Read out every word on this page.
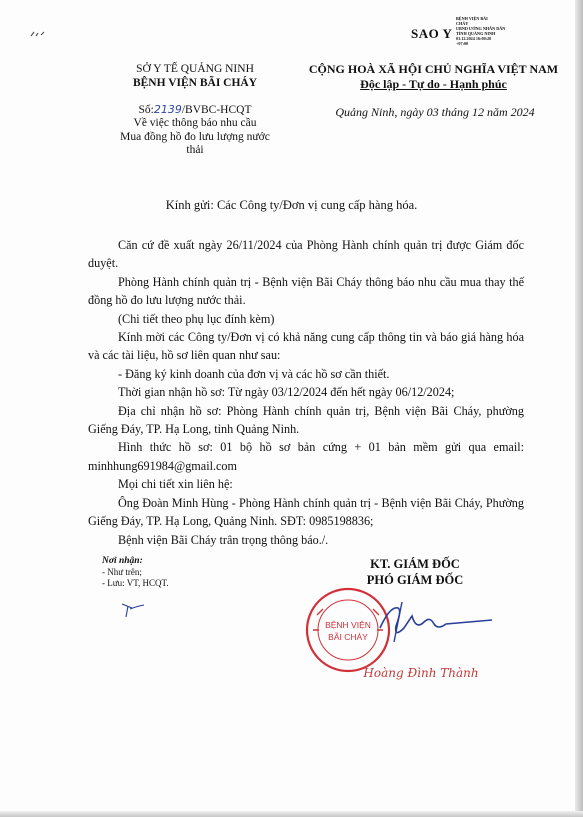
SAO Y
BỆNH VIỆN BÃI
CHÁY
UBND ƯỚNG NHÂN DÂN
TỈNH QUẢNG NINH
03.12.2024 16:00:20
+07:00
SỞ Y TẾ QUẢNG NINH
BỆNH VIỆN BÃI CHÁY
CỘNG HOÀ XÃ HỘI CHỦ NGHĨA VIỆT NAM
Độc lập - Tự do - Hạnh phúc
Số:2139/BVBC-HCQT
Về việc thông báo nhu cầu
Mua đồng hồ đo lưu lượng nước
thải
Quảng Ninh, ngày 03 tháng 12 năm 2024
Kính gửi: Các Công ty/Đơn vị cung cấp hàng hóa.

Căn cứ đề xuất ngày 26/11/2024 của Phòng Hành chính quản trị được Giám đốc duyệt.

Phòng Hành chính quản trị - Bệnh viện Bãi Cháy thông báo nhu cầu mua thay thế đồng hồ đo lưu lượng nước thải.

(Chi tiết theo phụ lục đính kèm)

Kính mời các Công ty/Đơn vị có khả năng cung cấp thông tin và báo giá hàng hóa và các tài liệu, hồ sơ liên quan như sau:

- Đăng ký kinh doanh của đơn vị và các hồ sơ cần thiết.

Thời gian nhận hồ sơ: Từ ngày 03/12/2024 đến hết ngày 06/12/2024;

Địa chỉ nhận hồ sơ: Phòng Hành chính quản trị, Bệnh viện Bãi Cháy, phường Giếng Đáy, TP. Hạ Long, tỉnh Quảng Ninh.

Hình thức hồ sơ: 01 bộ hồ sơ bản cứng + 01 bản mềm gửi qua email: minhhung691984@gmail.com

Mọi chi tiết xin liên hệ:

Ông Đoàn Minh Hùng - Phòng Hành chính quản trị - Bệnh viện Bãi Cháy, Phường Giếng Đáy, TP. Hạ Long, Quảng Ninh. SĐT: 0985198836;

Bệnh viện Bãi Cháy trân trọng thông báo./.

Nơi nhận:
- Như trên;
- Lưu: VT, HCQT.
KT. GIÁM ĐỐC
PHÓ GIÁM ĐỐC
BỆNH VIỆN
BÃI CHÁY
Hoàng Đình Thành
